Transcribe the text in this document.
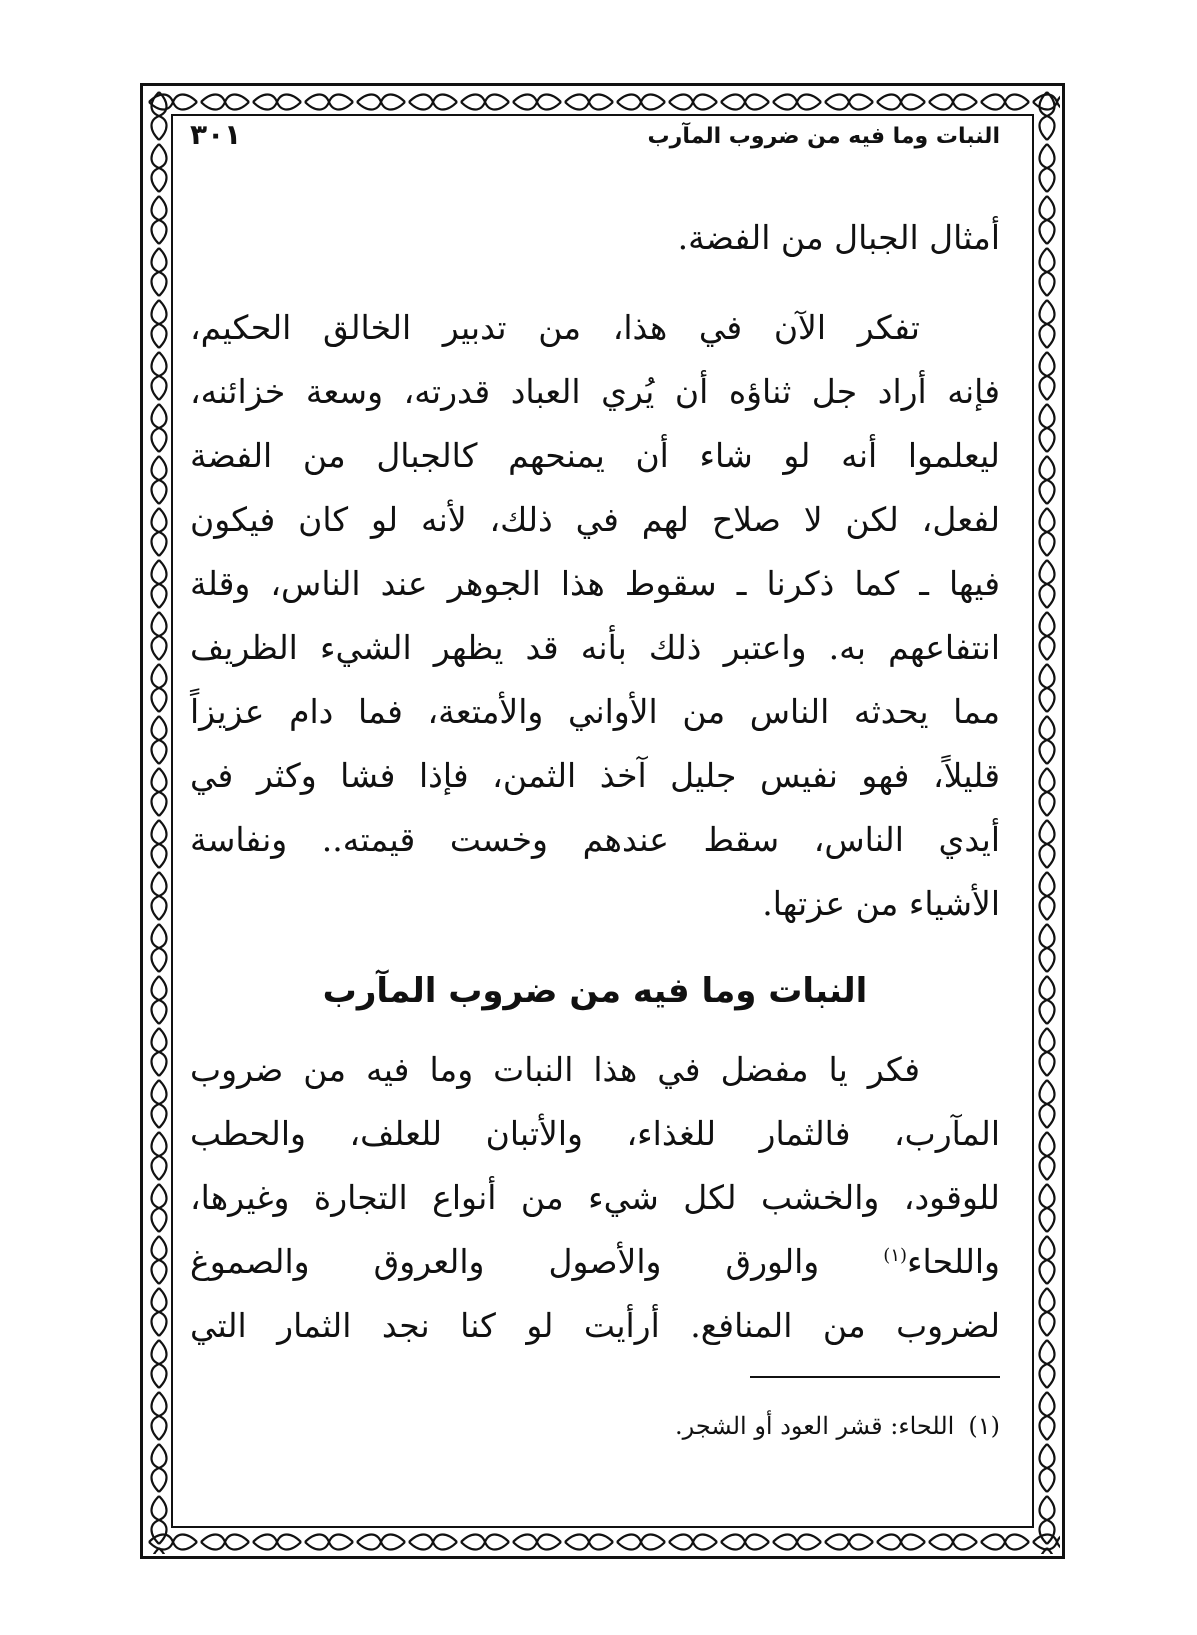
النبات وما فيه من ضروب المآرب
٣٠١
أمثال الجبال من الفضة.
تفكر الآن في هذا، من تدبير الخالق الحكيم،
فإنه أراد جل ثناؤه أن يُري العباد قدرته، وسعة خزائنه،
ليعلموا أنه لو شاء أن يمنحهم كالجبال من الفضة
لفعل، لكن لا صلاح لهم في ذلك، لأنه لو كان فيكون
فيها ـ كما ذكرنا ـ سقوط هذا الجوهر عند الناس، وقلة
انتفاعهم به. واعتبر ذلك بأنه قد يظهر الشيء الظريف
مما يحدثه الناس من الأواني والأمتعة، فما دام عزيزاً
قليلاً، فهو نفيس جليل آخذ الثمن، فإذا فشا وكثر في
أيدي الناس، سقط عندهم وخست قيمته.. ونفاسة
الأشياء من عزتها.
النبات وما فيه من ضروب المآرب
فكر يا مفضل في هذا النبات وما فيه من ضروب
المآرب، فالثمار للغذاء، والأتبان للعلف، والحطب
للوقود، والخشب لكل شيء من أنواع التجارة وغيرها،
واللحاء$^{(١)}$ والورق والأصول والعروق والصموغ
لضروب من المنافع. أرأيت لو كنا نجد الثمار التي
(١)اللحاء: قشر العود أو الشجر.
